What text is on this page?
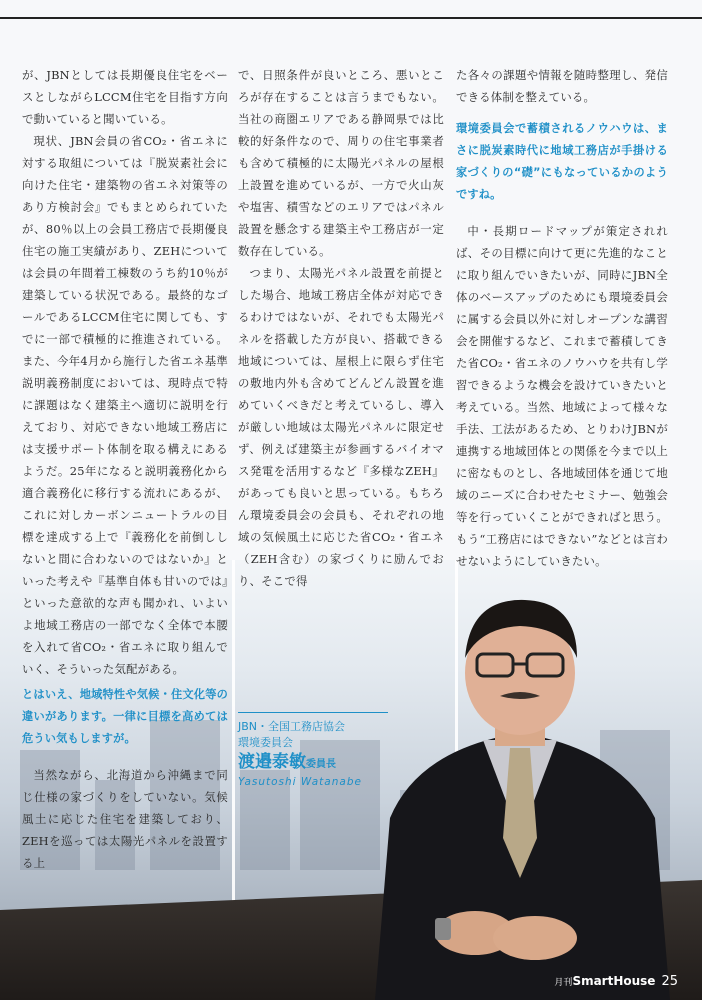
が、JBNとしては長期優良住宅をベースとしながらLCCM住宅を目指す方向で動いていると聞いている。

現状、JBN会員の省CO₂・省エネに対する取組については『脱炭素社会に向けた住宅・建築物の省エネ対策等のあり方検討会』でもまとめられていたが、80％以上の会員工務店で長期優良住宅の施工実績があり、ZEHについては会員の年間着工棟数のうち約10％が建築している状況である。最終的なゴールであるLCCM住宅に関しても、すでに一部で積極的に推進されている。また、今年4月から施行した省エネ基準説明義務制度においては、現時点で特に課題はなく建築主へ適切に説明を行えており、対応できない地域工務店には支援サポート体制を取る構えにあるようだ。25年になると説明義務化から適合義務化に移行する流れにあるが、これに対しカーボンニュートラルの目標を達成する上で『義務化を前倒ししないと間に合わないのではないか』といった考えや『基準自体も甘いのでは』といった意欲的な声も聞かれ、いよいよ地域工務店の一部でなく全体で本腰を入れて省CO₂・省エネに取り組んでいく、そういった気配がある。

とはいえ、地域特性や気候・住文化等の違いがあります。一律に目標を高めては危うい気もしますが。

当然ながら、北海道から沖縄まで同じ仕様の家づくりをしていない。気候風土に応じた住宅を建築しており、ZEHを巡っては太陽光パネルを設置する上

で、日照条件が良いところ、悪いところが存在することは言うまでもない。当社の商圏エリアである静岡県では比較的好条件なので、周りの住宅事業者も含めて積極的に太陽光パネルの屋根上設置を進めているが、一方で火山灰や塩害、積雪などのエリアではパネル設置を懸念する建築主や工務店が一定数存在している。

つまり、太陽光パネル設置を前提とした場合、地域工務店全体が対応できるわけではないが、それでも太陽光パネルを搭載した方が良い、搭載できる地域については、屋根上に限らず住宅の敷地内外も含めてどんどん設置を進めていくべきだと考えているし、導入が厳しい地域は太陽光パネルに限定せず、例えば建築主が参画するバイオマス発電を活用するなど『多様なZEH』があっても良いと思っている。もちろん環境委員会の会員も、それぞれの地域の気候風土に応じた省CO₂・省エネ（ZEH含む）の家づくりに励んでおり、そこで得

た各々の課題や情報を随時整理し、発信できる体制を整えている。

環境委員会で蓄積されるノウハウは、まさに脱炭素時代に地域工務店が手掛ける家づくりの“礎”にもなっているかのようですね。

中・長期ロードマップが策定されれば、その目標に向けて更に先進的なことに取り組んでいきたいが、同時にJBN全体のベースアップのためにも環境委員会に属する会員以外に対しオープンな講習会を開催するなど、これまで蓄積してきた省CO₂・省エネのノウハウを共有し学習できるような機会を設けていきたいと考えている。当然、地域によって様々な手法、工法があるため、とりわけJBNが連携する地域団体との関係を今まで以上に密なものとし、各地域団体を通じて地域のニーズに合わせたセミナー、勉強会等を行っていくことができればと思う。もう“工務店にはできない”などとは言わせないようにしていきたい。

JBN・全国工務店協会
環境委員会
渡邉泰敏委員長
Yasutoshi Watanabe
月刊SmartHouse 25
